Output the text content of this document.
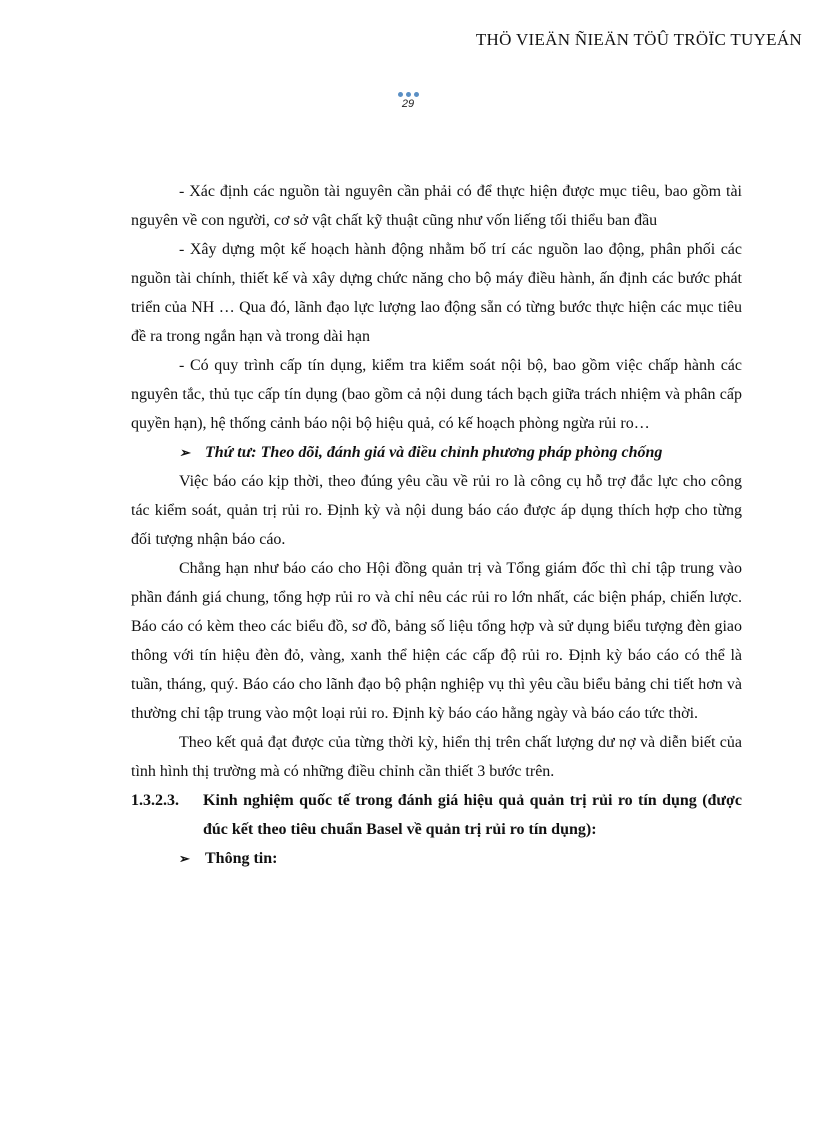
THÖ VIEÄN ÑIEÄN TÖÛ TRÖÏC TUYEÁN
29

- Xác định các nguồn tài nguyên cần phải có để thực hiện được mục tiêu, bao gồm tài nguyên về con người, cơ sở vật chất kỹ thuật cũng như vốn liếng tối thiểu ban đầu

- Xây dựng một kế hoạch hành động nhằm bố trí các nguồn lao động, phân phối các nguồn tài chính, thiết kế và xây dựng chức năng cho bộ máy điều hành, ấn định các bước phát triển của NH … Qua đó, lãnh đạo lực lượng lao động sẵn có từng bước thực hiện các mục tiêu đề ra trong ngắn hạn và trong dài hạn

- Có quy trình cấp tín dụng, kiểm tra kiểm soát nội bộ, bao gồm việc chấp hành các nguyên tắc, thủ tục cấp tín dụng (bao gồm cả nội dung tách bạch giữa trách nhiệm và phân cấp quyền hạn), hệ thống cảnh báo nội bộ hiệu quả, có kế hoạch phòng ngừa rủi ro…

➢ Thứ tư: Theo dõi, đánh giá và điều chỉnh phương pháp phòng chống

Việc báo cáo kịp thời, theo đúng yêu cầu về rủi ro là công cụ hỗ trợ đắc lực cho công tác kiểm soát, quản trị rủi ro. Định kỳ và nội dung báo cáo được áp dụng thích hợp cho từng đối tượng nhận báo cáo.

Chẳng hạn như báo cáo cho Hội đồng quản trị và Tổng giám đốc thì chỉ tập trung vào phần đánh giá chung, tổng hợp rủi ro và chỉ nêu các rủi ro lớn nhất, các biện pháp, chiến lược. Báo cáo có kèm theo các biểu đồ, sơ đồ, bảng số liệu tổng hợp và sử dụng biểu tượng đèn giao thông với tín hiệu đèn đỏ, vàng, xanh thể hiện các cấp độ rủi ro. Định kỳ báo cáo có thể là tuần, tháng, quý. Báo cáo cho lãnh đạo bộ phận nghiệp vụ thì yêu cầu biểu bảng chi tiết hơn và thường chỉ tập trung vào một loại rủi ro. Định kỳ báo cáo hằng ngày và báo cáo tức thời.

Theo kết quả đạt được của từng thời kỳ, hiển thị trên chất lượng dư nợ và diễn biết của tình hình thị trường mà có những điều chỉnh cần thiết 3 bước trên.

1.3.2.3.	Kinh nghiệm quốc tế trong đánh giá hiệu quả quản trị rủi ro tín dụng (được đúc kết theo tiêu chuẩn Basel về quản trị rủi ro tín dụng):
➢ Thông tin:
